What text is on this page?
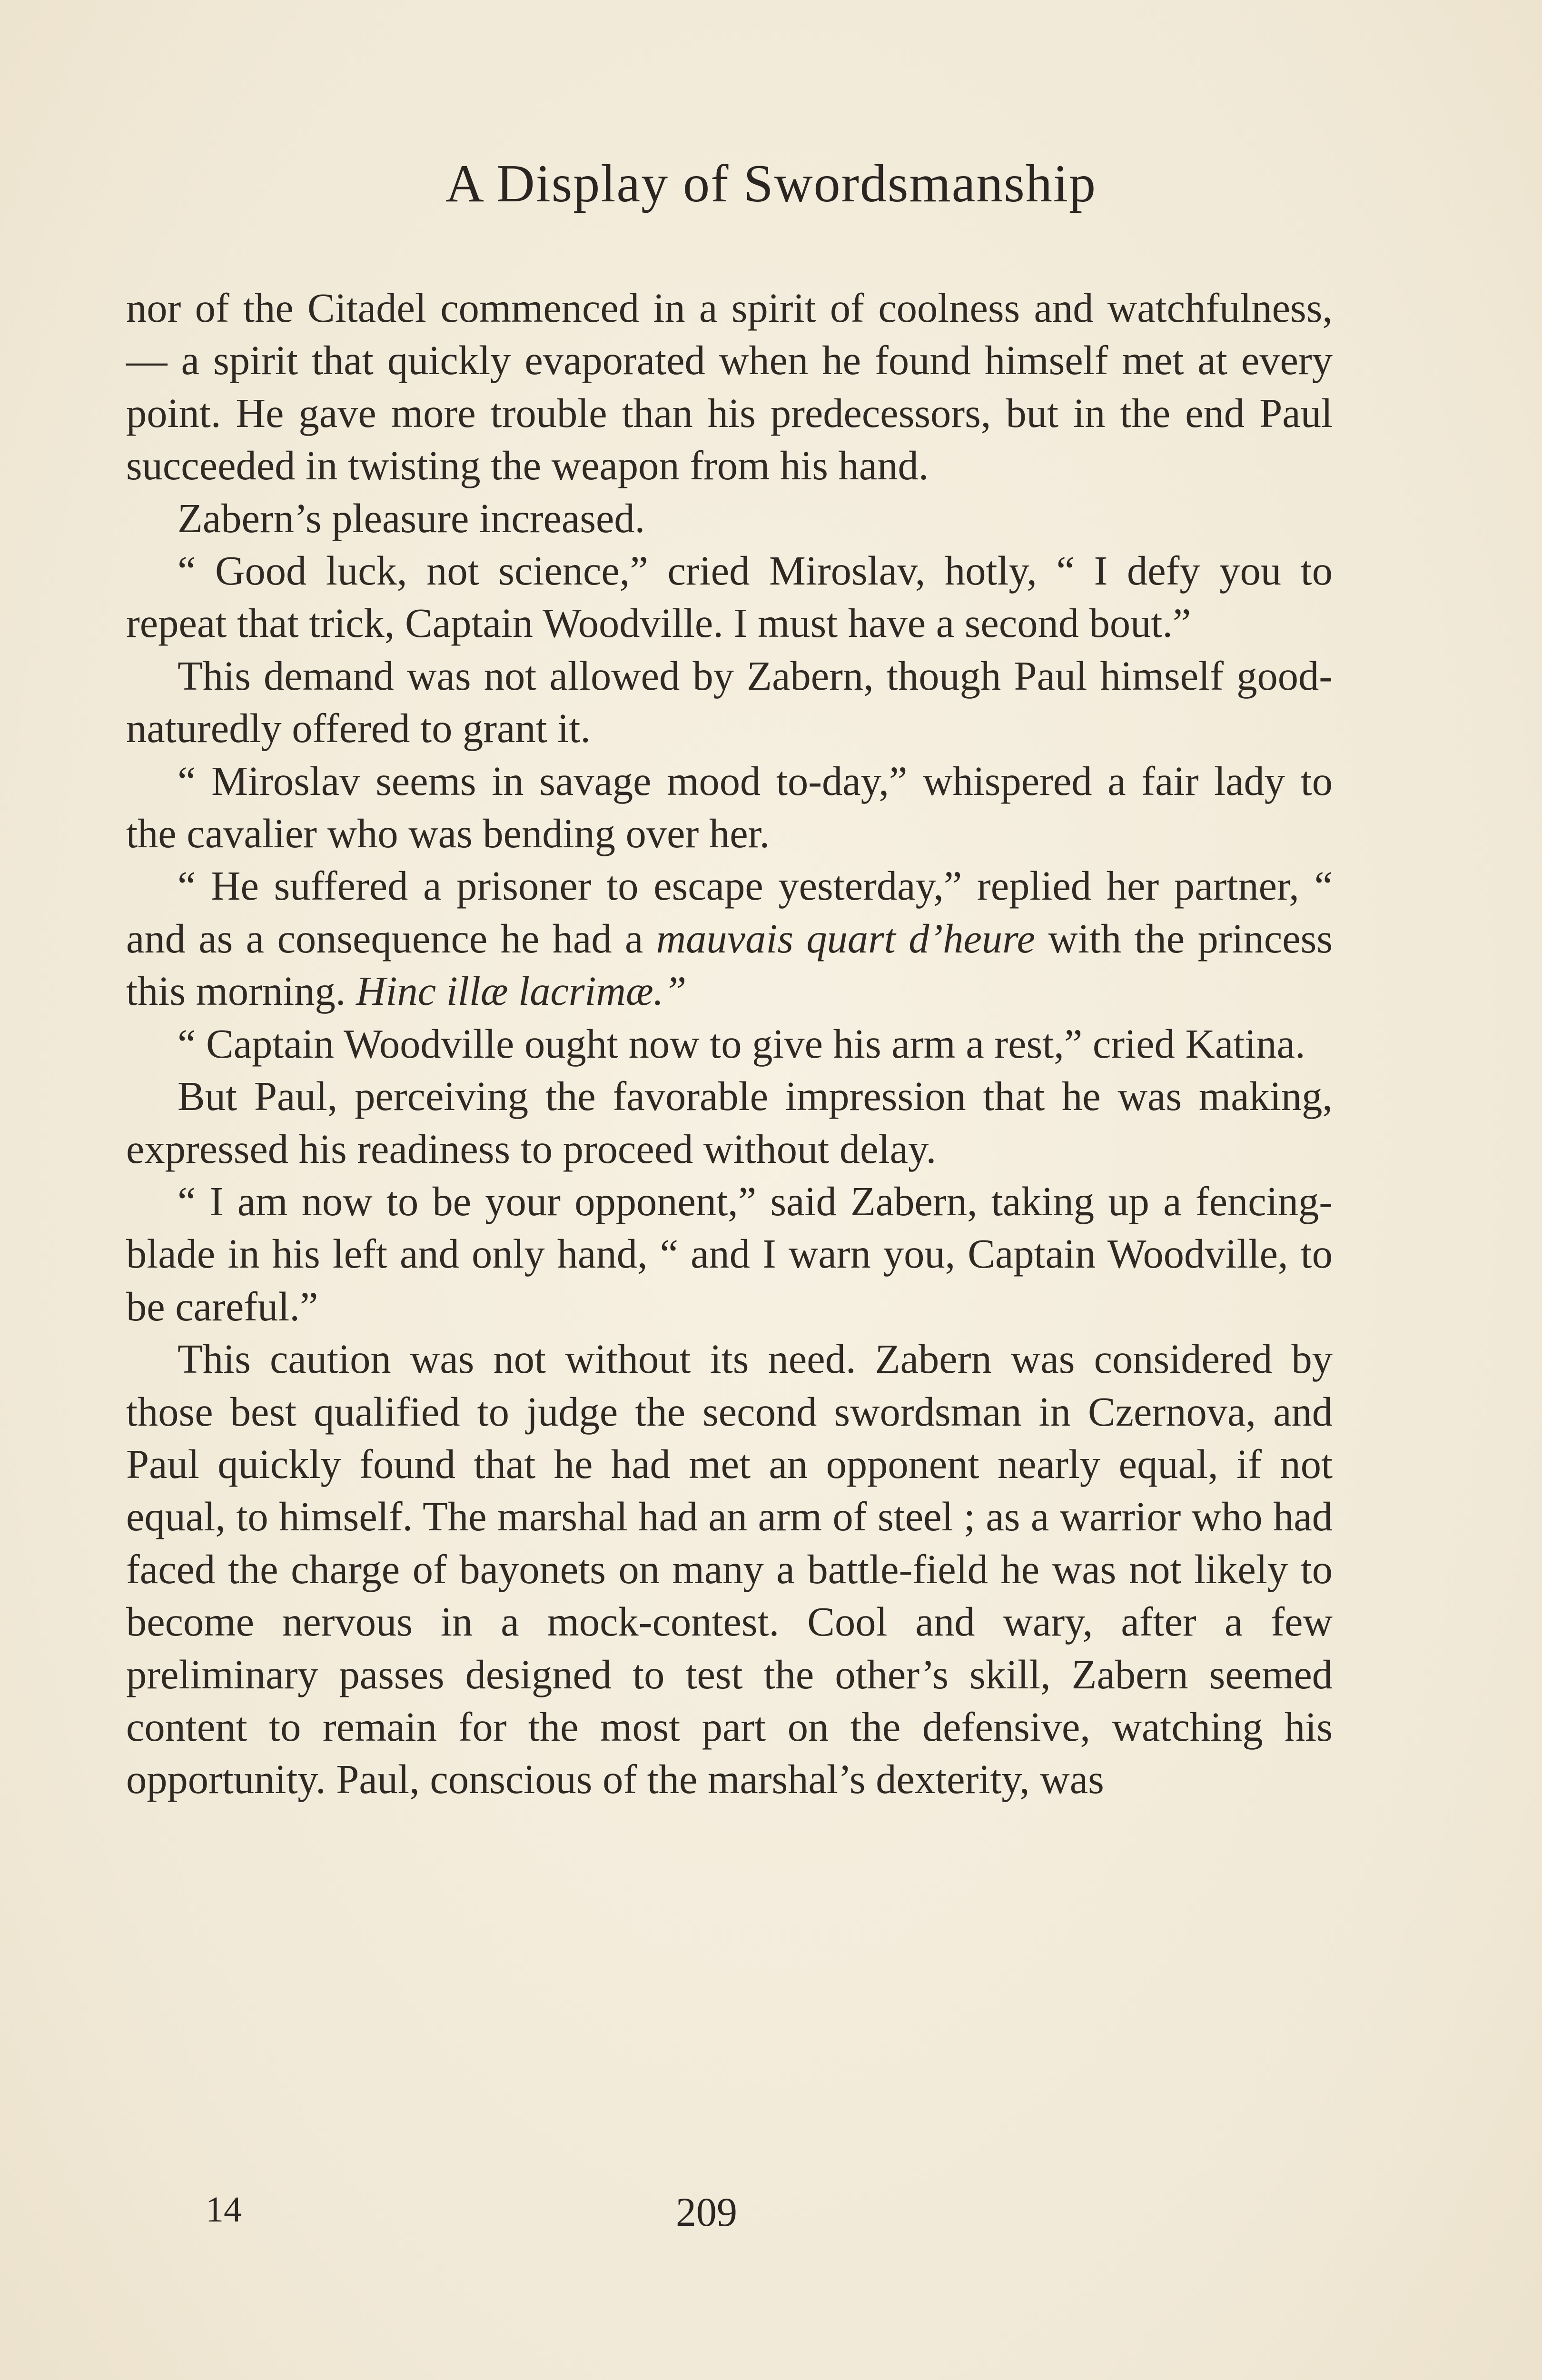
A Display of Swordsmanship

nor of the Citadel commenced in a spirit of coolness and watchfulness, — a spirit that quickly evaporated when he found himself met at every point. He gave more trouble than his predecessors, but in the end Paul succeeded in twisting the weapon from his hand.

Zabern’s pleasure increased.

“ Good luck, not science,” cried Miroslav, hotly, “ I defy you to repeat that trick, Captain Woodville. I must have a second bout.”

This demand was not allowed by Zabern, though Paul himself good-naturedly offered to grant it.

“ Miroslav seems in savage mood to-day,” whispered a fair lady to the cavalier who was bending over her.

“ He suffered a prisoner to escape yesterday,” replied her partner, “ and as a consequence he had a mauvais quart d’heure with the princess this morning. Hinc illæ lacrimæ.”

“ Captain Woodville ought now to give his arm a rest,” cried Katina.

But Paul, perceiving the favorable impression that he was making, expressed his readiness to proceed without delay.

“ I am now to be your opponent,” said Zabern, taking up a fencing-blade in his left and only hand, “ and I warn you, Captain Woodville, to be careful.”

This caution was not without its need. Zabern was considered by those best qualified to judge the second swordsman in Czernova, and Paul quickly found that he had met an opponent nearly equal, if not equal, to himself. The marshal had an arm of steel ; as a warrior who had faced the charge of bayonets on many a battle-field he was not likely to become nervous in a mock-contest. Cool and wary, after a few preliminary passes designed to test the other’s skill, Zabern seemed content to remain for the most part on the defensive, watching his opportunity. Paul, conscious of the marshal’s dexterity, was

14	209
